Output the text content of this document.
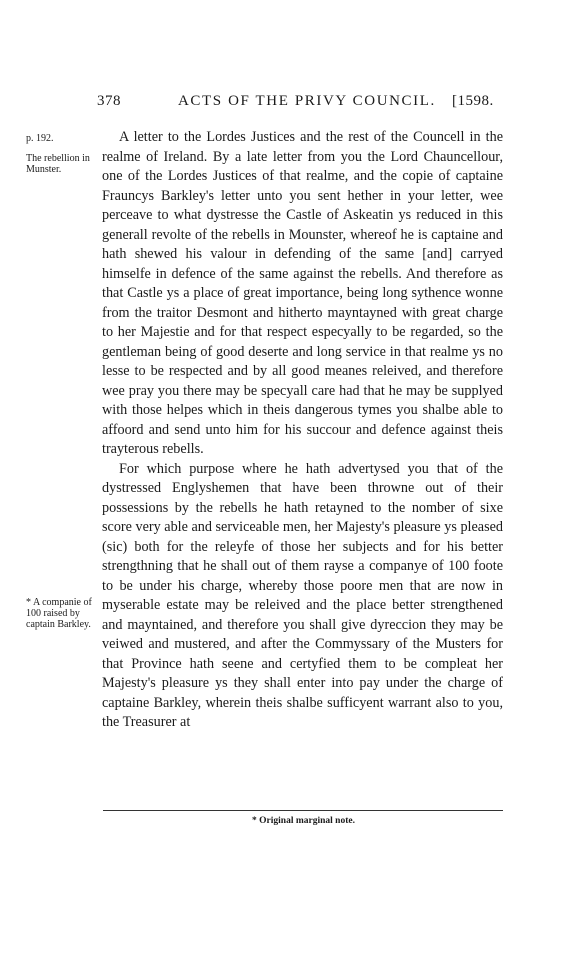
378	ACTS OF THE PRIVY COUNCIL. [1598.
p. 192.
The rebellion in Munster.
* A companie of 100 raised by captain Barkley.

A letter to the Lordes Justices and the rest of the Councell in the realme of Ireland. By a late letter from you the Lord Chauncellour, one of the Lordes Justices of that realme, and the copie of captaine Frauncys Barkley's letter unto you sent hether in your letter, wee perceave to what dystresse the Castle of Askeatin ys reduced in this generall revolte of the rebells in Mounster, whereof he is captaine and hath shewed his valour in defending of the same [and] carryed himselfe in defence of the same against the rebells. And therefore as that Castle ys a place of great importance, being long sythence wonne from the traitor Desmont and hitherto mayntayned with great charge to her Majestie and for that respect especyally to be regarded, so the gentleman being of good deserte and long service in that realme ys no lesse to be respected and by all good meanes releived, and therefore wee pray you there may be specyall care had that he may be supplyed with those helpes which in theis dangerous tymes you shalbe able to affoord and send unto him for his succour and defence against theis trayterous rebells.

For which purpose where he hath advertysed you that of the dystressed Englyshemen that have been throwne out of their possessions by the rebells he hath retayned to the nomber of sixe score very able and serviceable men, her Majesty's pleasure ys pleased (sic) both for the releyfe of those her subjects and for his better strengthning that he shall out of them rayse a companye of 100 foote to be under his charge, whereby those poore men that are now in myserable estate may be releived and the place better strengthened and mayntained, and therefore you shall give dyreccion they may be veiwed and mustered, and after the Commyssary of the Musters for that Province hath seene and certyfied them to be compleat her Majesty's pleasure ys they shall enter into pay under the charge of captaine Barkley, wherein theis shalbe sufficyent warrant also to you, the Treasurer at

* Original marginal note.
